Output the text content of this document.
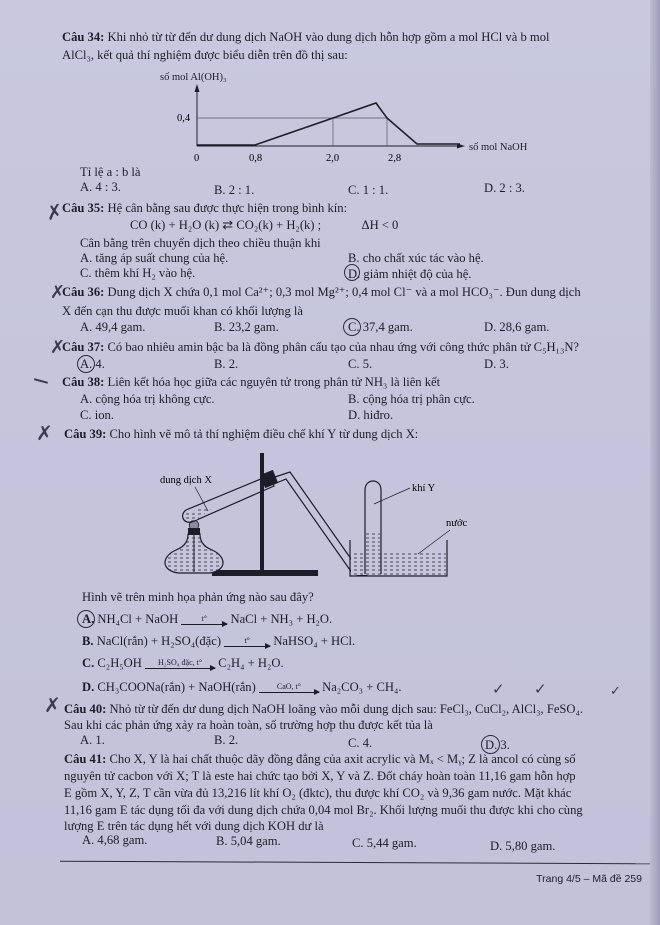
Câu 34: Khi nhỏ từ từ đến dư dung dịch NaOH vào dung dịch hỗn hợp gồm a mol HCl và b mol
AlCl₃, kết quả thí nghiệm được biểu diễn trên đồ thị sau:
số mol Al(OH)₃
số mol NaOH
0,4
0	0,8	2,0	2,8
Tỉ lệ a : b là
A. 4 : 3.	B. 2 : 1.	C. 1 : 1.	D. 2 : 3.
✗
Câu 35: Hệ cân bằng sau được thực hiện trong bình kín:
CO (k) + H₂O (k) ⇄ CO₂(k) + H₂(k) ;	ΔH < 0
Cân bằng trên chuyển dịch theo chiều thuận khi
A. tăng áp suất chung của hệ.	B. cho chất xúc tác vào hệ.
C. thêm khí H₂ vào hệ.	D. giảm nhiệt độ của hệ.
✗
Câu 36: Dung dịch X chứa 0,1 mol Ca²⁺; 0,3 mol Mg²⁺; 0,4 mol Cl⁻ và a mol HCO₃⁻. Đun dung dịch
X đến cạn thu được muối khan có khối lượng là
A. 49,4 gam.	B. 23,2 gam.	C. 37,4 gam.	D. 28,6 gam.
✗
Câu 37: Có bao nhiêu amin bậc ba là đồng phân cấu tạo của nhau ứng với công thức phân tử C₅H₁₃N?
A. 4.	B. 2.	C. 5.	D. 3.
Câu 38: Liên kết hóa học giữa các nguyên tử trong phân tử NH₃ là liên kết
A. cộng hóa trị không cực.	B. cộng hóa trị phân cực.
C. ion.	D. hiđro.
✗ Câu 39: Cho hình vẽ mô tả thí nghiệm điều chế khí Y từ dung dịch X:
dung dịch X
khí Y
nước
Hình vẽ trên minh họa phản ứng nào sau đây?
A. NH₄Cl + NaOH	t°	NaCl + NH₃ + H₂O.
B. NaCl(rắn) + H₂SO₄(đặc)	t°	NaHSO₄ + HCl.
C. C₂H₅OH	H₂SO₄ đặc, t°	C₂H₄ + H₂O.
D. CH₃COONa(rắn) + NaOH(rắn)	CaO, t°	Na₂CO₃ + CH₄.	✓ ✓	✓
✗ Câu 40: Nhỏ từ từ đến dư dung dịch NaOH loãng vào mỗi dung dịch sau: FeCl₃, CuCl₂, AlCl₃, FeSO₄.
Sau khi các phản ứng xảy ra hoàn toàn, số trường hợp thu được kết tủa là
A. 1.	B. 2.	C. 4.	D. 3.
Câu 41: Cho X, Y là hai chất thuộc dãy đồng đẳng của axit acrylic và Mₓ < Mᵧ; Z là ancol có cùng số
nguyên tử cacbon với X; T là este hai chức tạo bởi X, Y và Z. Đốt cháy hoàn toàn 11,16 gam hỗn hợp
E gồm X, Y, Z, T cần vừa đủ 13,216 lít khí O₂ (đktc), thu được khí CO₂ và 9,36 gam nước. Mặt khác
11,16 gam E tác dụng tối đa với dung dịch chứa 0,04 mol Br₂. Khối lượng muối thu được khi cho cùng
lượng E trên tác dụng hết với dung dịch KOH dư là
A. 4,68 gam.	B. 5,04 gam.	C. 5,44 gam.	D. 5,80 gam.
Trang 4/5 – Mã đề 259
